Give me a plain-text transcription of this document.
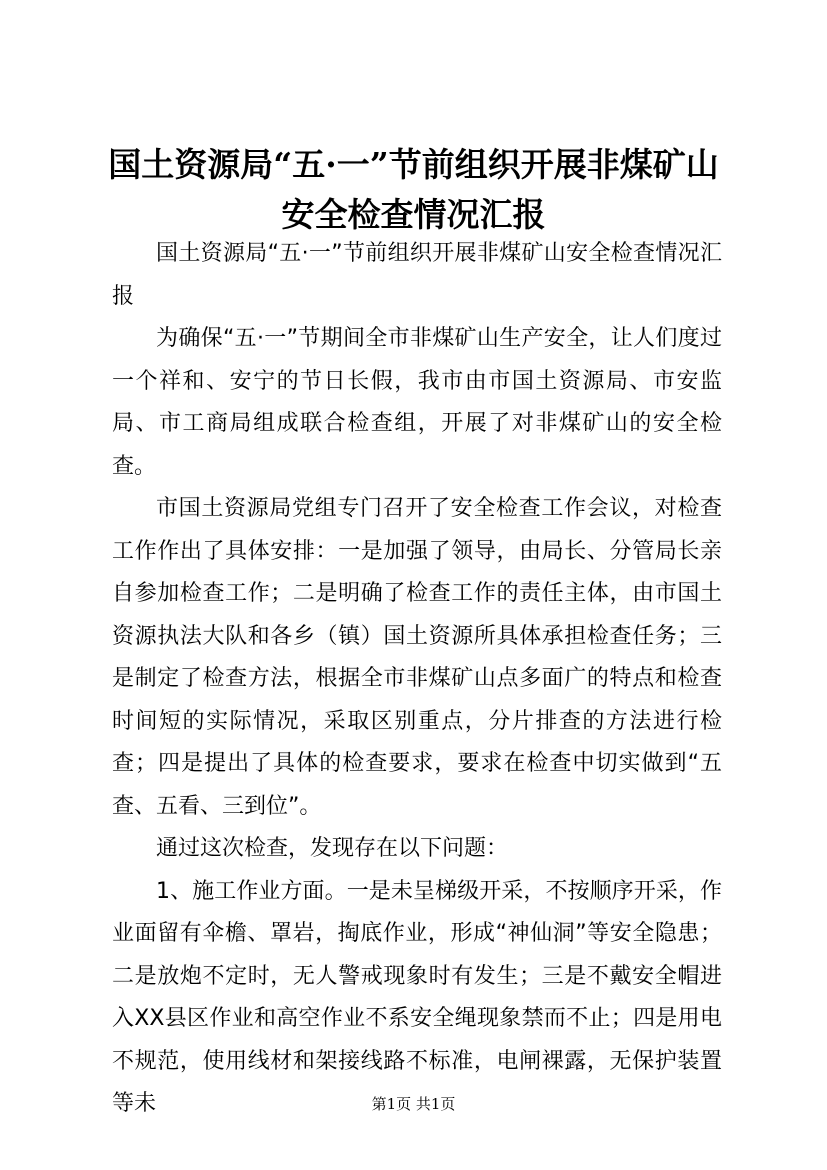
国土资源局“五·一”节前组织开展非煤矿山
安全检查情况汇报

国土资源局“五·一”节前组织开展非煤矿山安全检查情况汇报

为确保“五·一”节期间全市非煤矿山生产安全，让人们度过一个祥和、安宁的节日长假，我市由市国土资源局、市安监局、市工商局组成联合检查组，开展了对非煤矿山的安全检查。

市国土资源局党组专门召开了安全检查工作会议，对检查工作作出了具体安排：一是加强了领导，由局长、分管局长亲自参加检查工作；二是明确了检查工作的责任主体，由市国土资源执法大队和各乡（镇）国土资源所具体承担检查任务；三是制定了检查方法，根据全市非煤矿山点多面广的特点和检查时间短的实际情况，采取区别重点，分片排查的方法进行检查；四是提出了具体的检查要求，要求在检查中切实做到“五查、五看、三到位”。

通过这次检查，发现存在以下问题：

1、施工作业方面。一是未呈梯级开采，不按顺序开采，作业面留有伞檐、罩岩，掏底作业，形成“神仙洞”等安全隐患；二是放炮不定时，无人警戒现象时有发生；三是不戴安全帽进入XX县区作业和高空作业不系安全绳现象禁而不止；四是用电不规范，使用线材和架接线路不标准，电闸裸露，无保护装置等未	第1页 共1页
